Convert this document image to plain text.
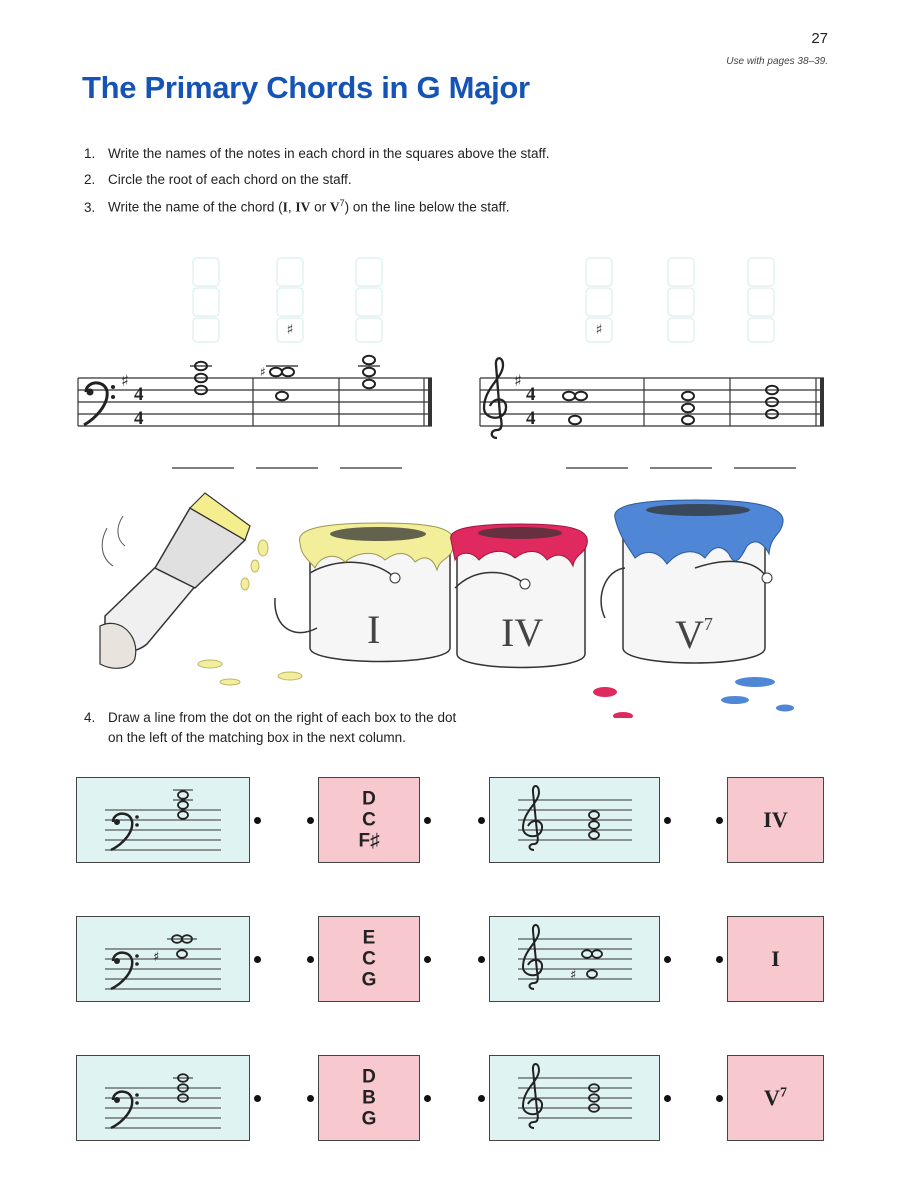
27
Use with pages 38–39.
The Primary Chords in G Major
1. Write the names of the notes in each chord in the squares above the staff.
2. Circle the root of each chord on the staff.
3. Write the name of the chord (I, IV or $V^7$) on the line below the staff.
♯	♯
♯
4
4
♯	♯
4
4
I	IV	$V^7$
4. Draw a line from the dot on the right of each box to the dot
on the left of the matching box in the next column.
D
C
F♯
IV
♯
E
C
G	♯
I
D
B
G
$V^7$
